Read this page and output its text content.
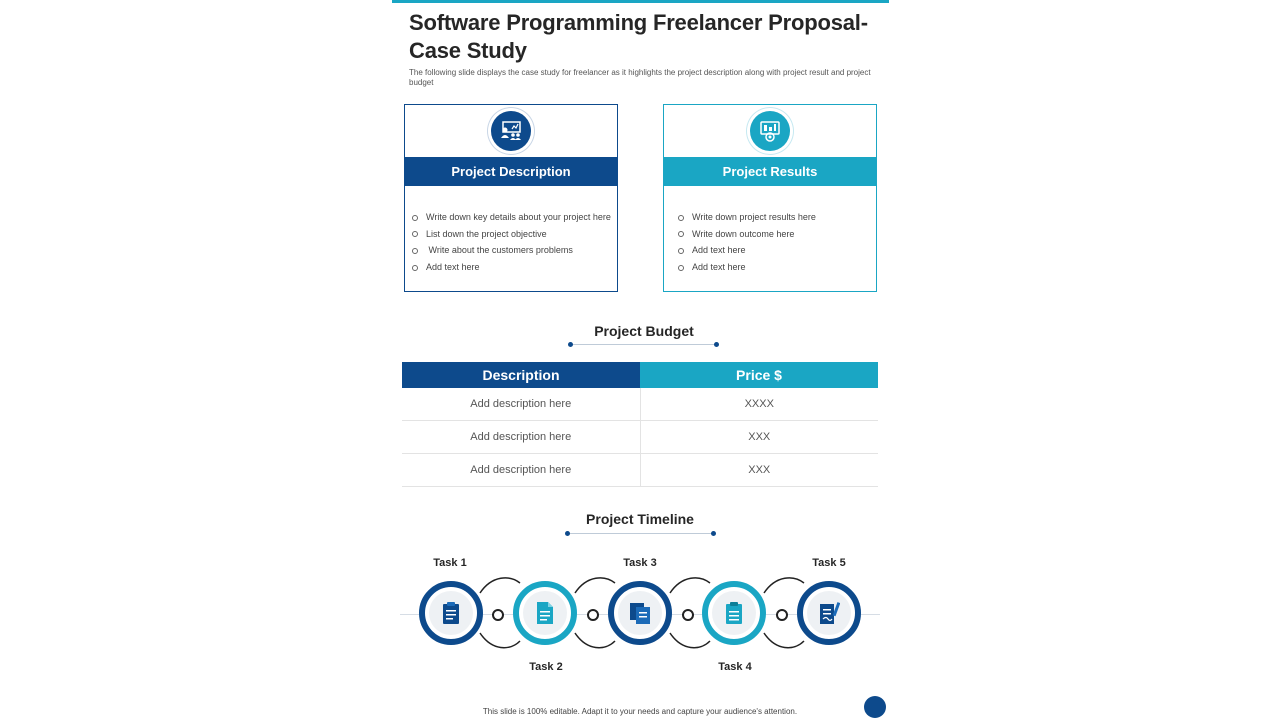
Software Programming Freelancer Proposal- Case Study

The following slide displays the case study for freelancer as it highlights the project description along with project result and project budget

Project Description
Write down key details about your project here
List down the project objective
Write about the customers problems
Add text here
Project Results
Write down project results here
Write down outcome here
Add text here
Add text here
Project Budget
Description	Price $
Add description here	XXXX
Add description here	XXX
Add description here	XXX
Project Timeline
Task 1
Task 2
Task 3
Task 4
Task 5
This slide is 100% editable. Adapt it to your needs and capture your audience's attention.
